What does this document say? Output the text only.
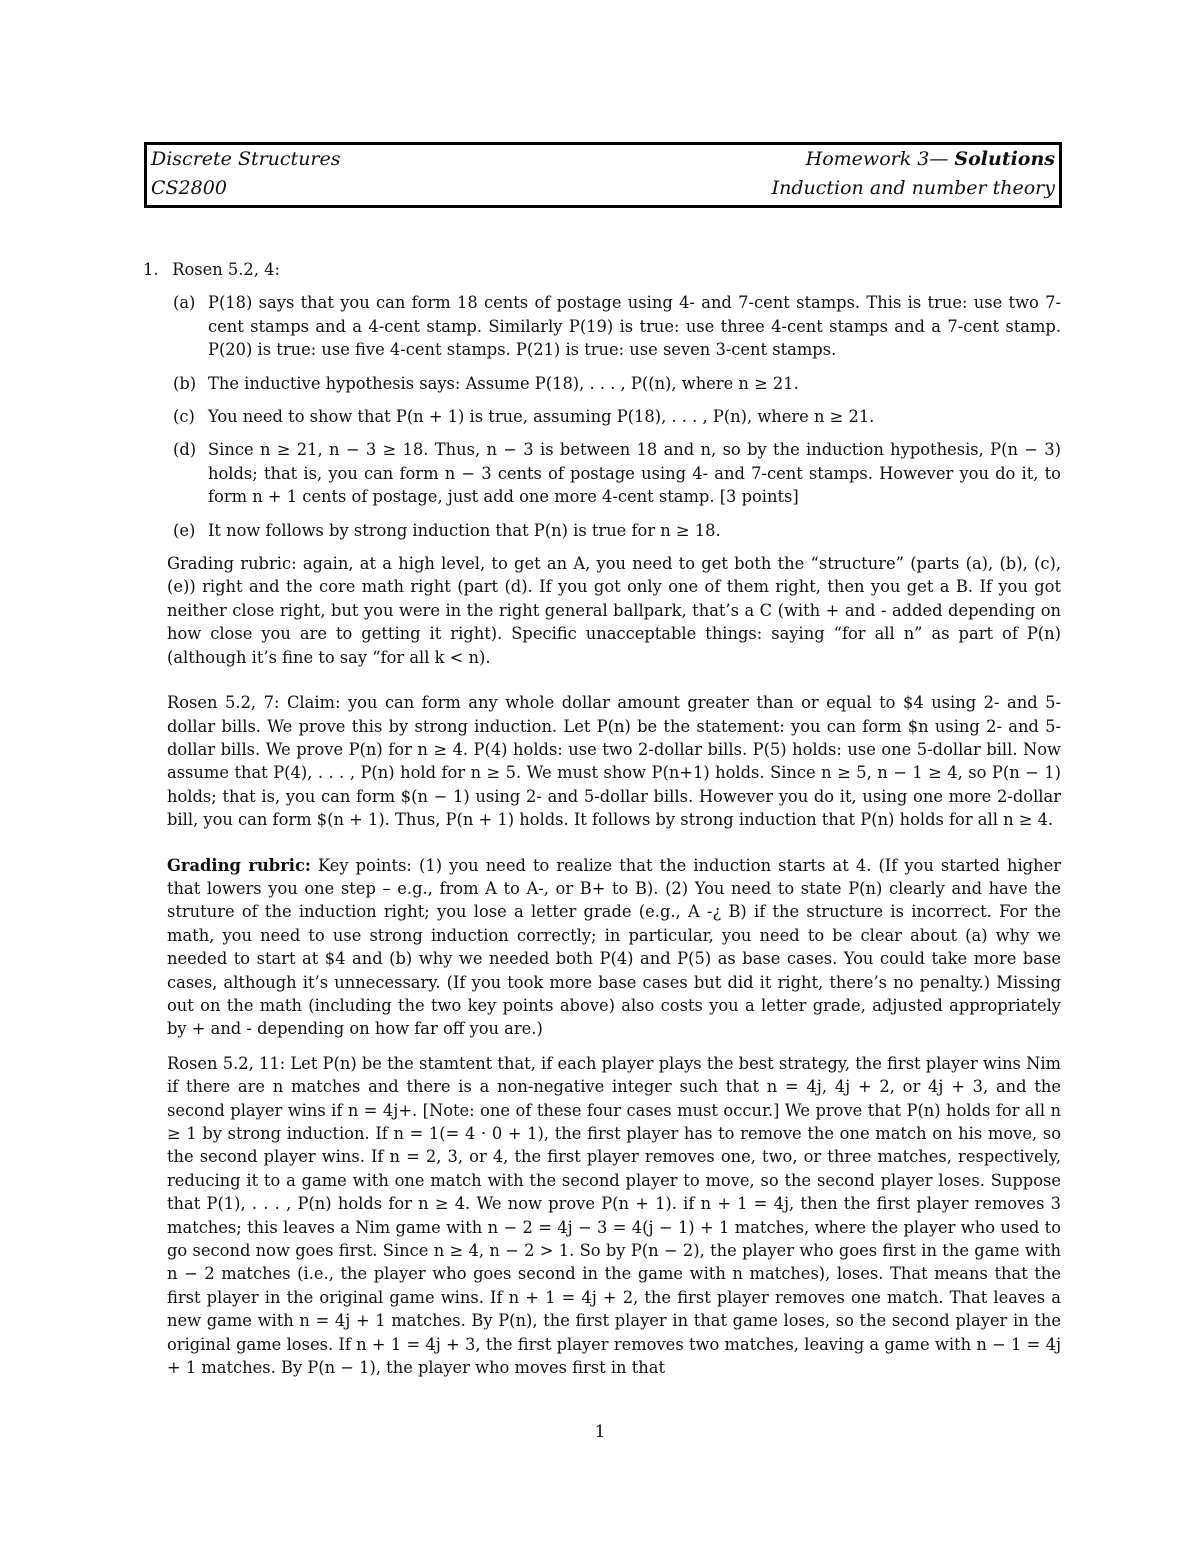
Discrete Structures	Homework 3— Solutions
CS2800	Induction and number theory

1. Rosen 5.2, 4:

(a) P(18) says that you can form 18 cents of postage using 4- and 7-cent stamps. This is true: use two 7-cent stamps and a 4-cent stamp. Similarly P(19) is true: use three 4-cent stamps and a 7-cent stamp. P(20) is true: use five 4-cent stamps. P(21) is true: use seven 3-cent stamps.
(b) The inductive hypothesis says: Assume P(18), . . . , P((n), where n ≥ 21.
(c) You need to show that P(n + 1) is true, assuming P(18), . . . , P(n), where n ≥ 21.
(d) Since n ≥ 21, n − 3 ≥ 18. Thus, n − 3 is between 18 and n, so by the induction hypothesis, P(n − 3) holds; that is, you can form n − 3 cents of postage using 4- and 7-cent stamps. However you do it, to form n + 1 cents of postage, just add one more 4-cent stamp. [3 points]
(e) It now follows by strong induction that P(n) is true for n ≥ 18.

Grading rubric: again, at a high level, to get an A, you need to get both the “structure” (parts (a), (b), (c), (e)) right and the core math right (part (d). If you got only one of them right, then you get a B. If you got neither close right, but you were in the right general ballpark, that’s a C (with + and - added depending on how close you are to getting it right). Specific unacceptable things: saying “for all n” as part of P(n) (although it’s fine to say “for all k < n).

Rosen 5.2, 7: Claim: you can form any whole dollar amount greater than or equal to $4 using 2- and 5-dollar bills. We prove this by strong induction. Let P(n) be the statement: you can form $n using 2- and 5-dollar bills. We prove P(n) for n ≥ 4. P(4) holds: use two 2-dollar bills. P(5) holds: use one 5-dollar bill. Now assume that P(4), . . . , P(n) hold for n ≥ 5. We must show P(n+1) holds. Since n ≥ 5, n − 1 ≥ 4, so P(n − 1) holds; that is, you can form $(n − 1) using 2- and 5-dollar bills. However you do it, using one more 2-dollar bill, you can form $(n + 1). Thus, P(n + 1) holds. It follows by strong induction that P(n) holds for all n ≥ 4.

Grading rubric: Key points: (1) you need to realize that the induction starts at 4. (If you started higher that lowers you one step – e.g., from A to A-, or B+ to B). (2) You need to state P(n) clearly and have the struture of the induction right; you lose a letter grade (e.g., A -¿ B) if the structure is incorrect. For the math, you need to use strong induction correctly; in particular, you need to be clear about (a) why we needed to start at $4 and (b) why we needed both P(4) and P(5) as base cases. You could take more base cases, although it’s unnecessary. (If you took more base cases but did it right, there’s no penalty.) Missing out on the math (including the two key points above) also costs you a letter grade, adjusted appropriately by + and - depending on how far off you are.)

Rosen 5.2, 11: Let P(n) be the stamtent that, if each player plays the best strategy, the first player wins Nim if there are n matches and there is a non-negative integer such that n = 4j, 4j + 2, or 4j + 3, and the second player wins if n = 4j+. [Note: one of these four cases must occur.] We prove that P(n) holds for all n ≥ 1 by strong induction. If n = 1(= 4 · 0 + 1), the first player has to remove the one match on his move, so the second player wins. If n = 2, 3, or 4, the first player removes one, two, or three matches, respectively, reducing it to a game with one match with the second player to move, so the second player loses. Suppose that P(1), . . . , P(n) holds for n ≥ 4. We now prove P(n + 1). if n + 1 = 4j, then the first player removes 3 matches; this leaves a Nim game with n − 2 = 4j − 3 = 4(j − 1) + 1 matches, where the player who used to go second now goes first. Since n ≥ 4, n − 2 > 1. So by P(n − 2), the player who goes first in the game with n − 2 matches (i.e., the player who goes second in the game with n matches), loses. That means that the first player in the original game wins. If n + 1 = 4j + 2, the first player removes one match. That leaves a new game with n = 4j + 1 matches. By P(n), the first player in that game loses, so the second player in the original game loses. If n + 1 = 4j + 3, the first player removes two matches, leaving a game with n − 1 = 4j + 1 matches. By P(n − 1), the player who moves first in that

1
